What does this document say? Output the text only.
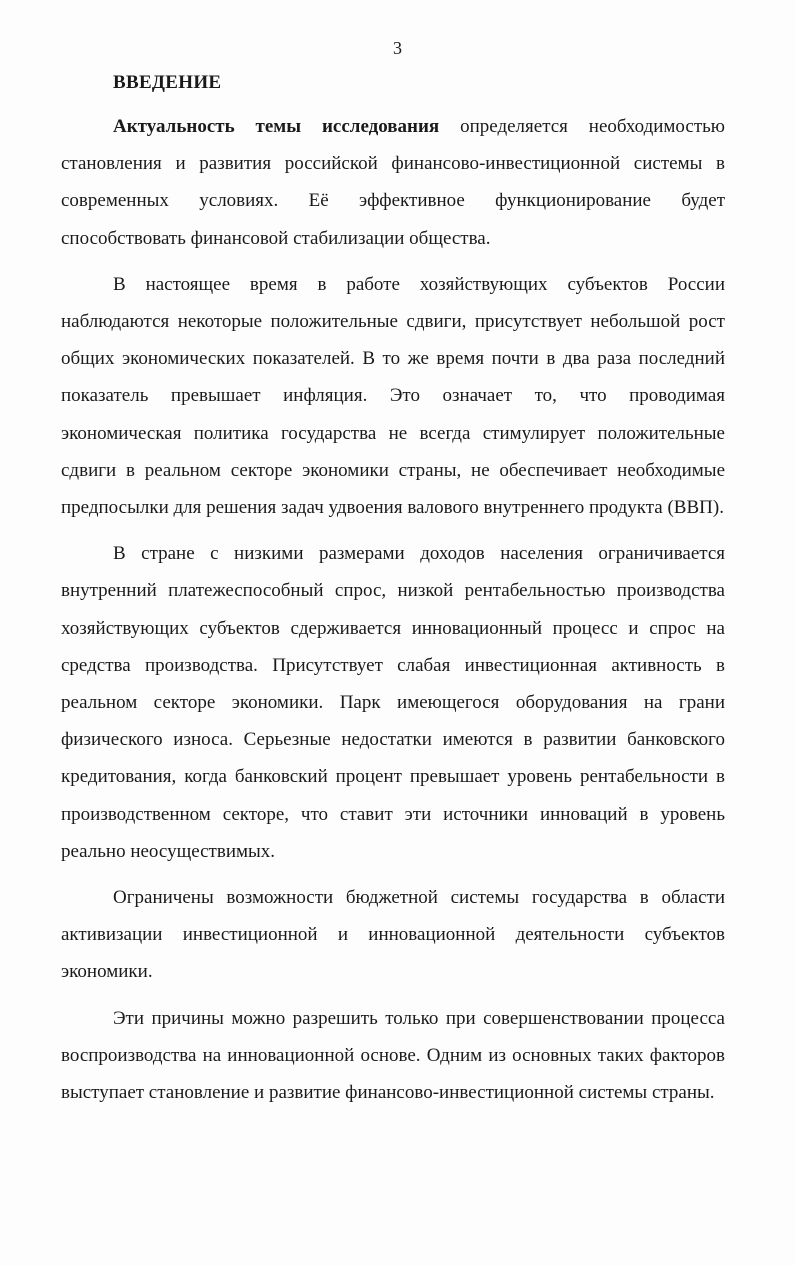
3
ВВЕДЕНИЕ

Актуальность темы исследования определяется необходимостью становления и развития российской финансово-инвестиционной системы в современных условиях. Её эффективное функционирование будет способствовать финансовой стабилизации общества.

В настоящее время в работе хозяйствующих субъектов России наблюдаются некоторые положительные сдвиги, присутствует небольшой рост общих экономических показателей. В то же время почти в два раза последний показатель превышает инфляция. Это означает то, что проводимая экономическая политика государства не всегда стимулирует положительные сдвиги в реальном секторе экономики страны, не обеспечивает необходимые предпосылки для решения задач удвоения валового внутреннего продукта (ВВП).

В стране с низкими размерами доходов населения ограничивается внутренний платежеспособный спрос, низкой рентабельностью производства хозяйствующих субъектов сдерживается инновационный процесс и спрос на средства производства. Присутствует слабая инвестиционная активность в реальном секторе экономики. Парк имеющегося оборудования на грани физического износа. Серьезные недостатки имеются в развитии банковского кредитования, когда банковский процент превышает уровень рентабельности в производственном секторе, что ставит эти источники инноваций в уровень реально неосуществимых.

Ограничены возможности бюджетной системы государства в области активизации инвестиционной и инновационной деятельности субъектов экономики.

Эти причины можно разрешить только при совершенствовании процесса воспроизводства на инновационной основе. Одним из основных таких факторов выступает становление и развитие финансово-инвестиционной системы страны.
